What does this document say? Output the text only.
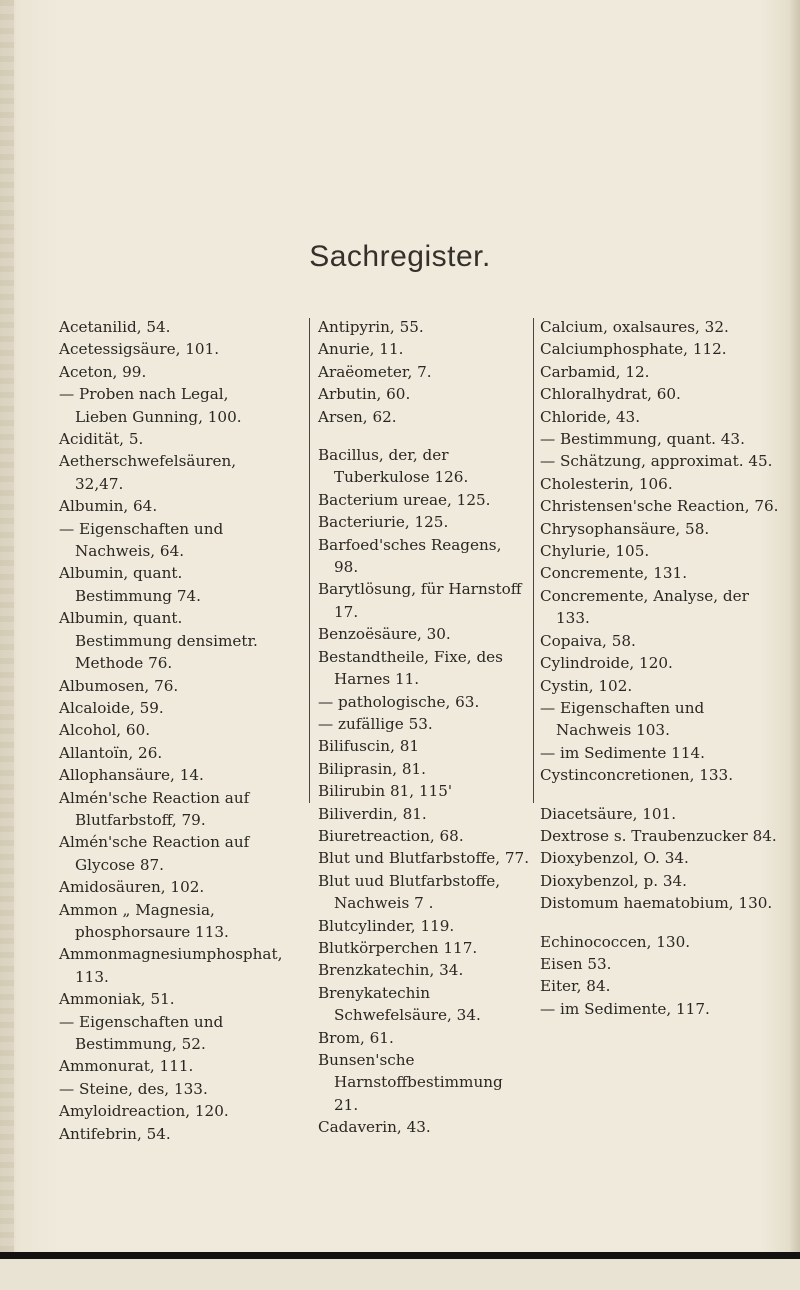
Sachregister.
Acetanilid, 54.
Acetessigsäure, 101.
Aceton, 99.
— Proben nach Legal, Lieben Gunning, 100.
Acidität, 5.
Aetherschwefelsäuren, 32,47.
Albumin, 64.
— Eigenschaften und Nachweis, 64.
Albumin, quant. Bestimmung 74.
Albumin, quant. Bestimmung densimetr. Methode 76.
Albumosen, 76.
Alcaloide, 59.
Alcohol, 60.
Allantoïn, 26.
Allophansäure, 14.
Almén'sche Reaction auf Blutfarbstoff, 79.
Almén'sche Reaction auf Glycose 87.
Amidosäuren, 102.
Ammon „ Magnesia, phosphorsaure 113.
Ammonmagnesiumphosphat, 113.
Ammoniak, 51.
— Eigenschaften und Bestimmung, 52.
Ammonurat, 111.
— Steine, des, 133.
Amyloidreaction, 120.
Antifebrin, 54.
Antipyrin, 55.
Anurie, 11.
Araëometer, 7.
Arbutin, 60.
Arsen, 62.
Bacillus, der, der Tuberkulose 126.
Bacterium ureae, 125.
Bacteriurie, 125.
Barfoed'sches Reagens, 98.
Barytlösung, für Harnstoff 17.
Benzoësäure, 30.
Bestandtheile, Fixe, des Harnes 11.
— pathologische, 63.
— zufällige 53.
Bilifuscin, 81
Biliprasin, 81.
Bilirubin 81, 115'
Biliverdin, 81.
Biuretreaction, 68.
Blut und Blutfarbstoffe, 77.
Blut uud Blutfarbstoffe, Nachweis 7 .
Blutcylinder, 119.
Blutkörperchen 117.
Brenzkatechin, 34.
Brenykatechin Schwefelsäure, 34.
Brom, 61.
Bunsen'sche Harnstoffbestimmung 21.
Cadaverin, 43.
Calcium, oxalsaures, 32.
Calciumphosphate, 112.
Carbamid, 12.
Chloralhydrat, 60.
Chloride, 43.
— Bestimmung, quant. 43.
— Schätzung, approximat. 45.
Cholesterin, 106.
Christensen'sche Reaction, 76.
Chrysophansäure, 58.
Chylurie, 105.
Concremente, 131.
Concremente, Analyse, der 133.
Copaiva, 58.
Cylindroide, 120.
Cystin, 102.
— Eigenschaften und Nachweis 103.
— im Sedimente 114.
Cystinconcretionen, 133.
Diacetsäure, 101.
Dextrose s. Traubenzucker 84.
Dioxybenzol, O. 34.
Dioxybenzol, p. 34.
Distomum haematobium, 130.
Echinococcen, 130.
Eisen 53.
Eiter, 84.
— im Sedimente, 117.
